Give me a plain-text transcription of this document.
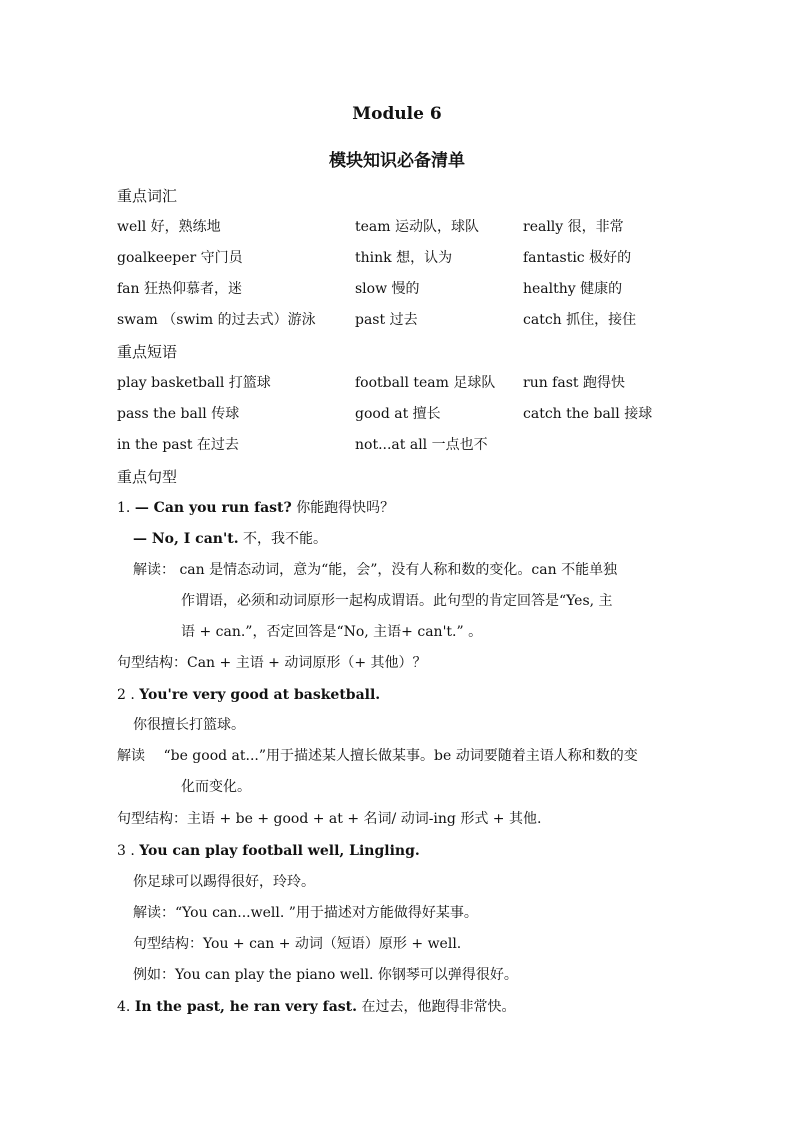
Module 6
模块知识必备清单
重点词汇
well 好，熟练地	team 运动队，球队	really 很，非常
goalkeeper 守门员	think 想，认为	fantastic 极好的
fan 狂热仰慕者，迷	slow 慢的	healthy 健康的
swam （swim 的过去式）游泳	past 过去	catch 抓住，接住
重点短语
play basketball 打篮球	football team 足球队 run fast 跑得快
pass the ball 传球	good at 擅长	catch the ball 接球
in the past 在过去	not...at all 一点也不
重点句型
1. — Can you run fast? 你能跑得快吗？
— No, I can't. 不，我不能。
解读： can 是情态动词，意为“能，会”，没有人称和数的变化。can 不能单独
作谓语，必须和动词原形一起构成谓语。此句型的肯定回答是“Yes, 主
语 + can.”，否定回答是“No, 主语+ can't.” 。
句型结构：Can + 主语 + 动词原形（+ 其他）？
2 . You're very good at basketball.
你很擅长打篮球。
解读 “be good at...”用于描述某人擅长做某事。be 动词要随着主语人称和数的变
化而变化。
句型结构：主语 + be + good + at + 名词/ 动词-ing 形式 + 其他.
3 . You can play football well, Lingling.
你足球可以踢得很好，玲玲。
解读：“You can...well. ”用于描述对方能做得好某事。
句型结构：You + can + 动词（短语）原形 + well.
例如：You can play the piano well. 你钢琴可以弹得很好。
4. In the past, he ran very fast. 在过去，他跑得非常快。
